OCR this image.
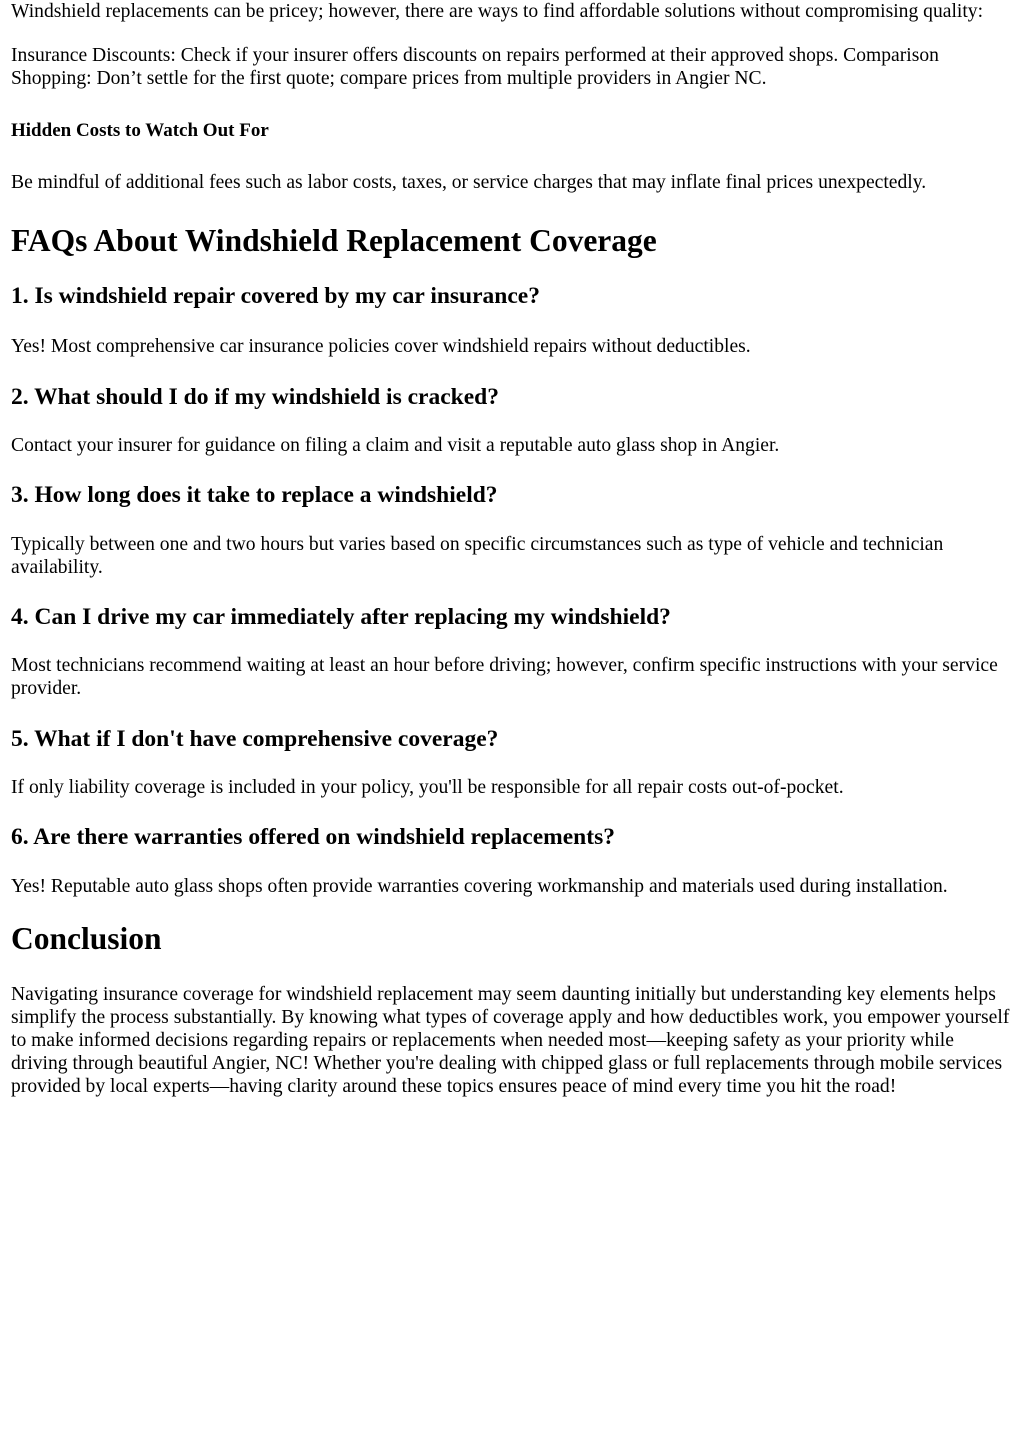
Windshield replacements can be pricey; however, there are ways to find affordable solutions without compromising quality:

Insurance Discounts: Check if your insurer offers discounts on repairs performed at their approved shops. Comparison Shopping: Don’t settle for the first quote; compare prices from multiple providers in Angier NC.

Hidden Costs to Watch Out For

Be mindful of additional fees such as labor costs, taxes, or service charges that may inflate final prices unexpectedly.

FAQs About Windshield Replacement Coverage
1. Is windshield repair covered by my car insurance?

Yes! Most comprehensive car insurance policies cover windshield repairs without deductibles.

2. What should I do if my windshield is cracked?

Contact your insurer for guidance on filing a claim and visit a reputable auto glass shop in Angier.

3. How long does it take to replace a windshield?

Typically between one and two hours but varies based on specific circumstances such as type of vehicle and technician availability.

4. Can I drive my car immediately after replacing my windshield?

Most technicians recommend waiting at least an hour before driving; however, confirm specific instructions with your service provider.

5. What if I don't have comprehensive coverage?

If only liability coverage is included in your policy, you'll be responsible for all repair costs out-of-pocket.

6. Are there warranties offered on windshield replacements?

Yes! Reputable auto glass shops often provide warranties covering workmanship and materials used during installation.

Conclusion

Navigating insurance coverage for windshield replacement may seem daunting initially but understanding key elements helps simplify the process substantially. By knowing what types of coverage apply and how deductibles work, you empower yourself to make informed decisions regarding repairs or replacements when needed most—keeping safety as your priority while driving through beautiful Angier, NC! Whether you're dealing with chipped glass or full replacements through mobile services provided by local experts—having clarity around these topics ensures peace of mind every time you hit the road!
